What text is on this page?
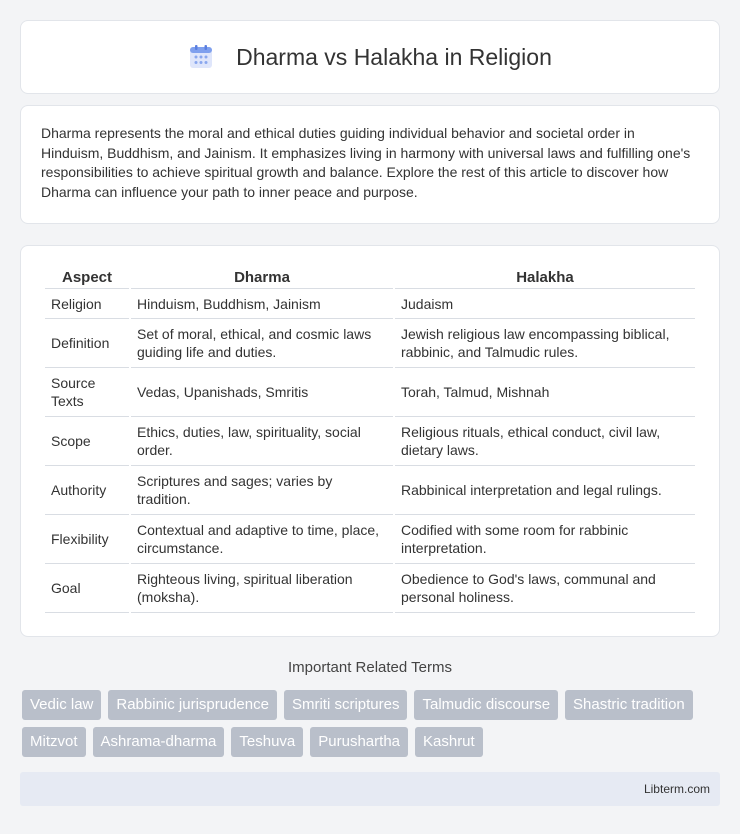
Dharma vs Halakha in Religion

Dharma represents the moral and ethical duties guiding individual behavior and societal order in Hinduism, Buddhism, and Jainism. It emphasizes living in harmony with universal laws and fulfilling one's responsibilities to achieve spiritual growth and balance. Explore the rest of this article to discover how Dharma can influence your path to inner peace and purpose.

Aspect	Dharma	Halakha
Religion	Hinduism, Buddhism, Jainism	Judaism
Definition	Set of moral, ethical, and cosmic laws guiding life and duties.	Jewish religious law encompassing biblical, rabbinic, and Talmudic rules.
Source Texts	Vedas, Upanishads, Smritis	Torah, Talmud, Mishnah
Scope	Ethics, duties, law, spirituality, social order.	Religious rituals, ethical conduct, civil law, dietary laws.
Authority	Scriptures and sages; varies by tradition.	Rabbinical interpretation and legal rulings.
Flexibility	Contextual and adaptive to time, place, circumstance.	Codified with some room for rabbinic interpretation.
Goal	Righteous living, spiritual liberation (moksha).	Obedience to God's laws, communal and personal holiness.
Important Related Terms
Vedic law	Rabbinic jurisprudence	Smriti scriptures	Talmudic discourse	Shastric tradition
Mitzvot	Ashrama-dharma	Teshuva	Purushartha	Kashrut
Libterm.com
